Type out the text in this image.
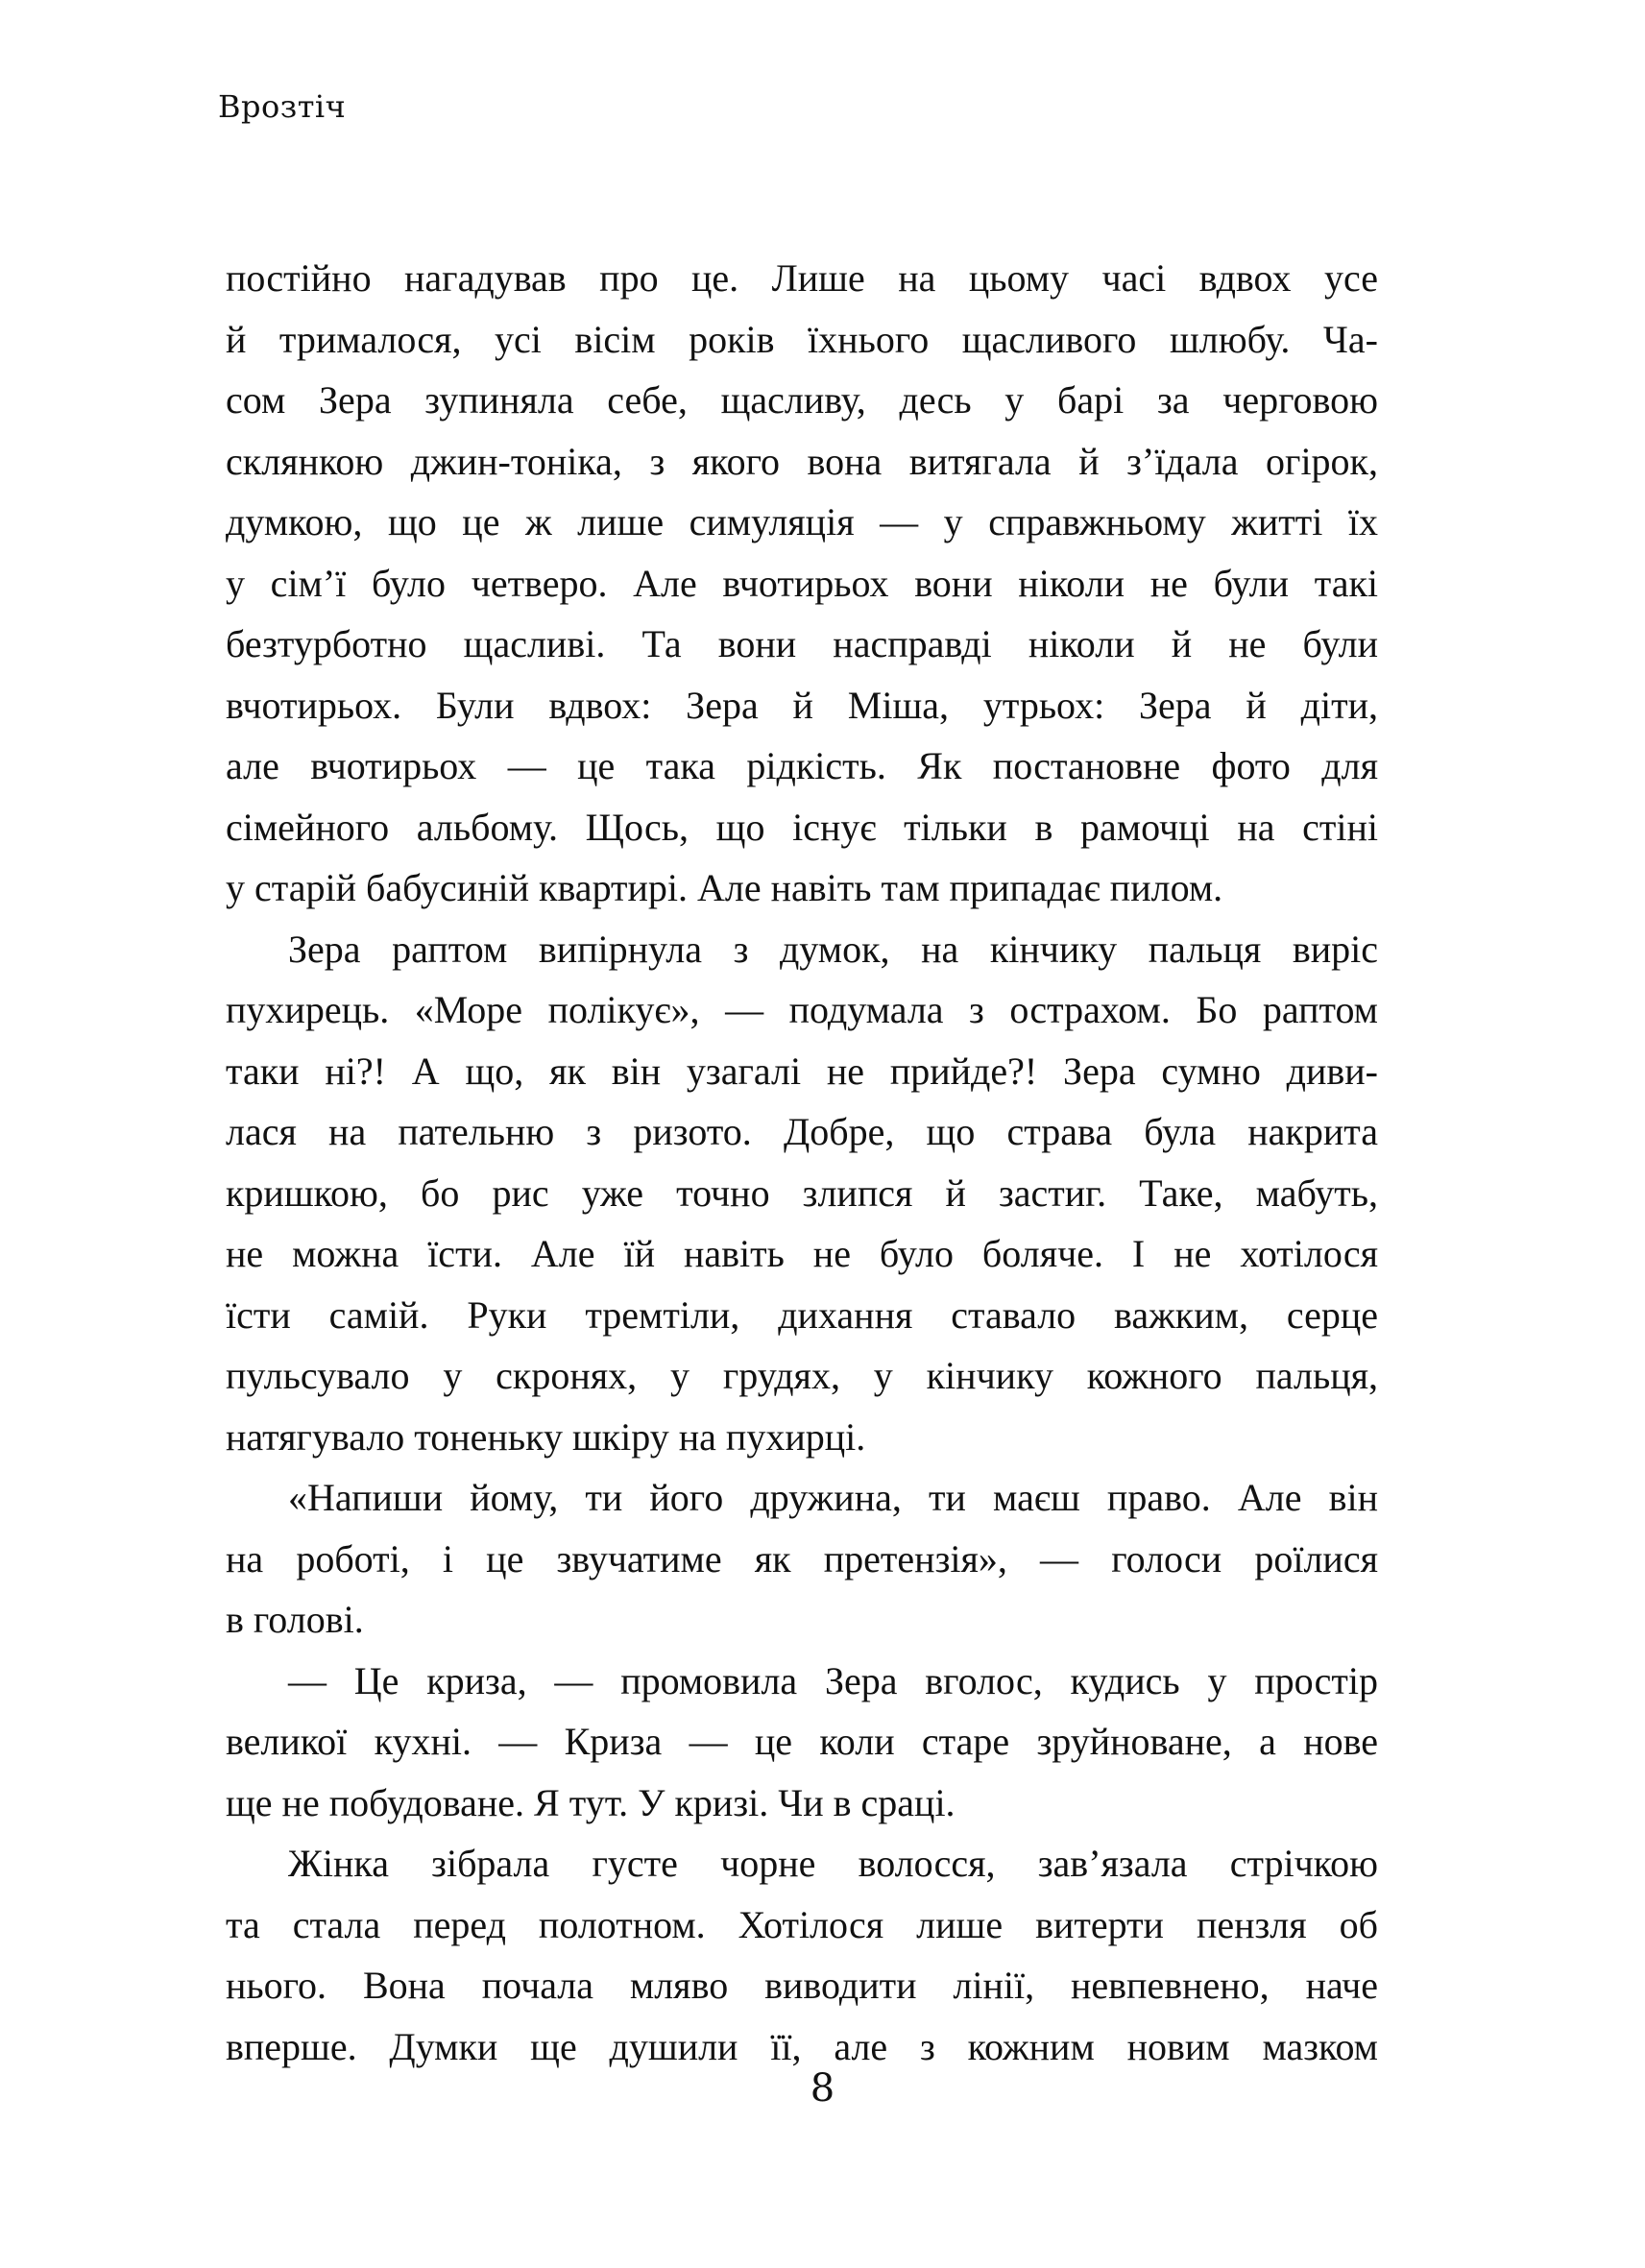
Врозтіч
постійно нагадував про це. Лише на цьому часі вдвох усе
й трималося, усі вісім років їхнього щасливого шлюбу. Ча-
сом Зера зупиняла себе, щасливу, десь у барі за черговою
склянкою джин-тоніка, з якого вона витягала й з’їдала огірок,
думкою, що це ж лише симуляція — у справжньому житті їх
у сім’ї було четверо. Але вчотирьох вони ніколи не були такі
безтурботно щасливі. Та вони насправді ніколи й не були
вчотирьох. Були вдвох: Зера й Міша, утрьох: Зера й діти,
але вчотирьох — це така рідкість. Як постановне фото для
сімейного альбому. Щось, що існує тільки в рамочці на стіні
у старій бабусиній квартирі. Але навіть там припадає пилом.
Зера раптом випірнула з думок, на кінчику пальця виріс
пухирець. «Море полікує», — подумала з острахом. Бо раптом
таки ні?! А що, як він узагалі не прийде?! Зера сумно диви-
лася на пательню з ризото. Добре, що страва була накрита
кришкою, бо рис уже точно злипся й застиг. Таке, мабуть,
не можна їсти. Але їй навіть не було боляче. І не хотілося
їсти самій. Руки тремтіли, дихання ставало важким, серце
пульсувало у скронях, у грудях, у кінчику кожного пальця,
натягувало тоненьку шкіру на пухирці.
«Напиши йому, ти його дружина, ти маєш право. Але він
на роботі, і це звучатиме як претензія», — голоси роїлися
в голові.
— Це криза, — промовила Зера вголос, кудись у простір
великої кухні. — Криза — це коли старе зруйноване, а нове
ще не побудоване. Я тут. У кризі. Чи в сраці.
Жінка зібрала густе чорне волосся, зав’язала стрічкою
та стала перед полотном. Хотілося лише витерти пензля об
нього. Вона почала мляво виводити лінії, невпевнено, наче
вперше. Думки ще душили її, але з кожним новим мазком
8
